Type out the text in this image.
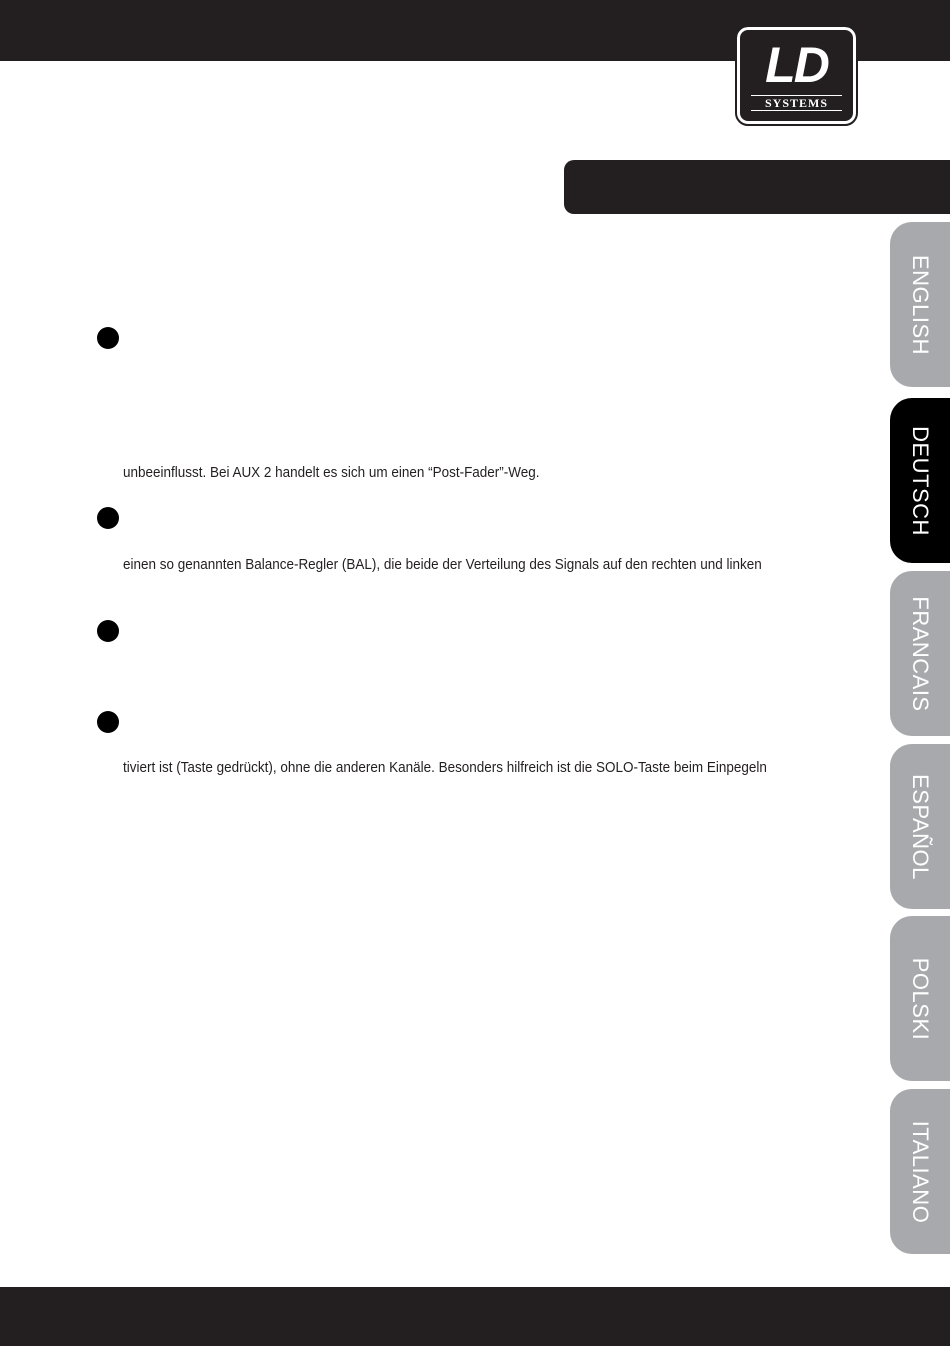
LD
SYSTEMS

unbeeinflusst. Bei AUX 2 handelt es sich um einen “Post-Fader”-Weg.

einen so genannten Balance-Regler (BAL), die beide der Verteilung des Signals auf den rechten und linken

tiviert ist (Taste gedrückt), ohne die anderen Kanäle. Besonders hilfreich ist die SOLO-Taste beim Einpegeln

ENGLISH
DEUTSCH
FRANCAIS
ESPAÑOL
POLSKI
ITALIANO
